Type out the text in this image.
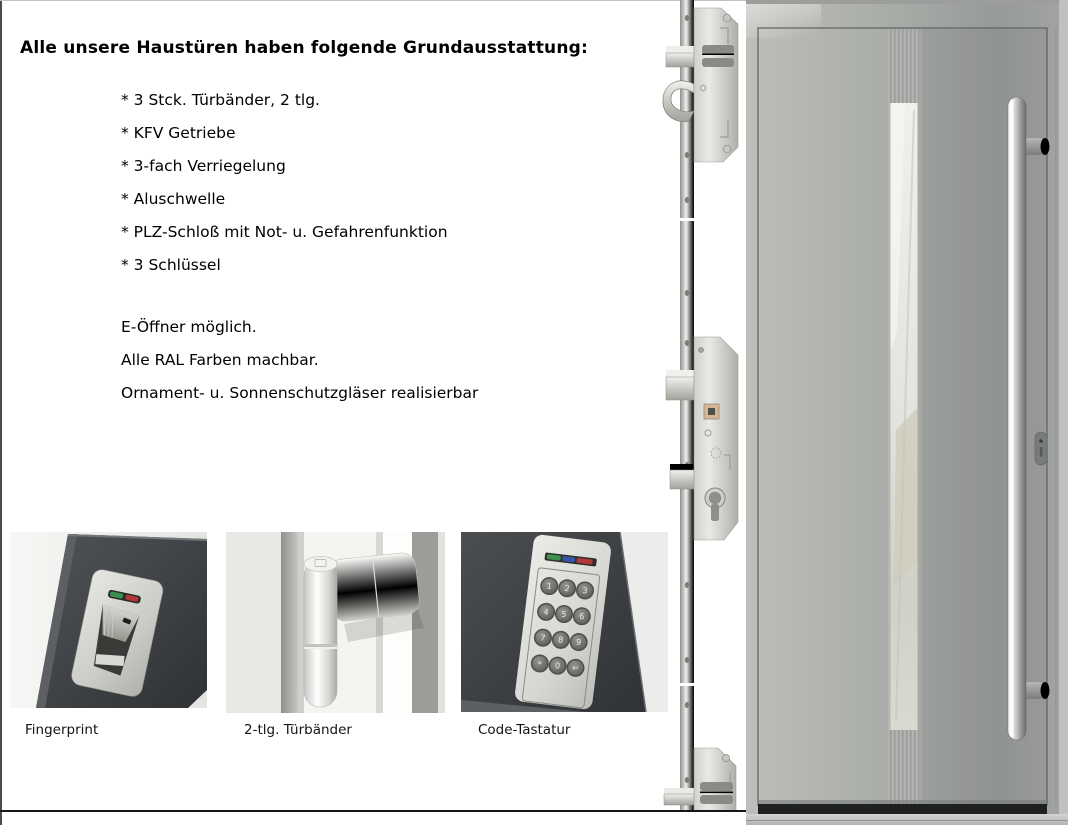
Alle unsere Haustüren haben folgende Grundausstattung:
* 3 Stck. Türbänder, 2 tlg.
* KFV Getriebe
* 3-fach Verriegelung
* Aluschwelle
* PLZ-Schloß mit Not- u. Gefahrenfunktion
* 3 Schlüssel
E-Öffner möglich.
Alle RAL Farben machbar.
Ornament- u. Sonnenschutzgläser realisierbar
1 2 3
4 5 6
7 8 9
* 0 ↵
Fingerprint	2-tlg. Türbänder	Code-Tastatur
